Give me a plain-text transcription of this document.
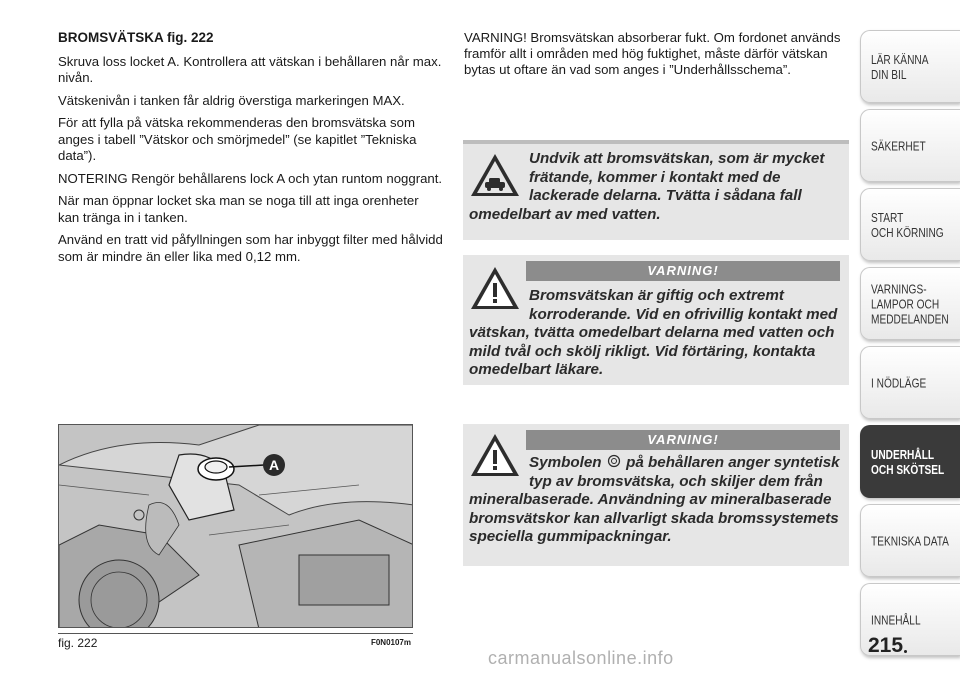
BROMSVÄTSKA fig. 222

Skruva loss locket A. Kontrollera att vätskan i behållaren når max. nivån.

Vätskenivån i tanken får aldrig överstiga markeringen MAX.

För att fylla på vätska rekommenderas den bromsvätska som anges i tabell ”Vätskor och smörjmedel” (se kapitlet ”Tekniska data”).

NOTERING Rengör behållarens lock A och ytan runtom noggrant.

När man öppnar locket ska man se noga till att inga orenheter kan tränga in i tanken.

Använd en tratt vid påfyllningen som har inbyggt filter med hålvidd som är mindre än eller lika med 0,12 mm.

VARNING! Bromsvätskan absorberar fukt. Om fordonet används framför allt i områden med hög fuktighet, måste därför vätskan bytas ut oftare än vad som anges i ”Underhållsschema”.
Undvik att bromsvätskan, som är mycket frätande, kommer i kontakt med de lackerade delarna. Tvätta i sådana fall omedelbart av med vatten.
Bromsvätskan är giftig och extremt korroderande. Vid en ofrivillig kontakt med vätskan, tvätta omedelbart delarna med vatten och mild tvål och skölj rikligt. Vid förtäring, kontakta omedelbart läkare.
VARNING!
Symbolen på behållaren anger syntetisk typ av bromsvätska, och skiljer dem från mineralbaserade. Användning av mineralbaserade bromsvätskor kan allvarligt skada bromssystemets speciella gummipackningar.
VARNING!
A
fig. 222	F0N0107m
LÄR KÄNNA
DIN BIL
SÄKERHET
START
OCH KÖRNING
VARNINGS-
LAMPOR OCH
MEDDELANDEN
I NÖDLÄGE
UNDERHÅLL
OCH SKÖTSEL
TEKNISKA DATA
INNEHÅLL
215
carmanualsonline.info
